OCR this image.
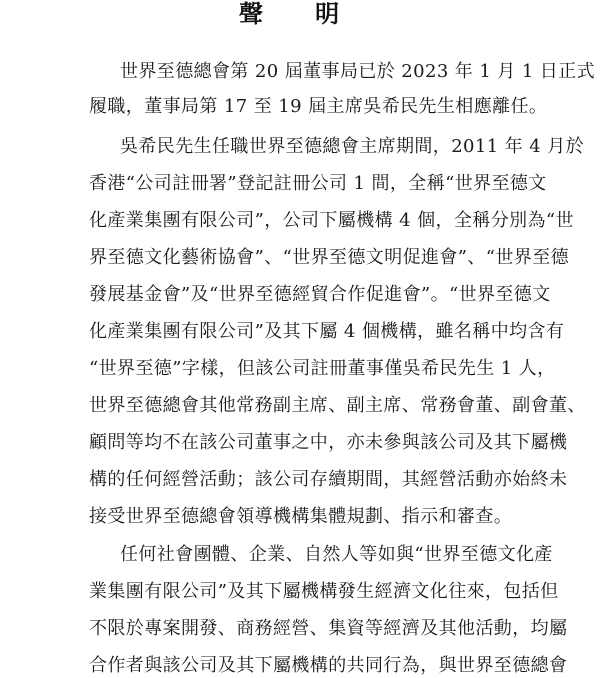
聲 明
世界至德總會第 20 屆董事局已於 2023 年 1 月 1 日正式
履職，董事局第 17 至 19 屆主席吳希民先生相應離任。
吳希民先生任職世界至德總會主席期間，2011 年 4 月於
香港“公司註冊署”登記註冊公司 1 間，全稱“世界至德文
化產業集團有限公司”，公司下屬機構 4 個，全稱分別為“世
界至德文化藝術協會”、“世界至德文明促進會”、“世界至德
發展基金會”及“世界至德經貿合作促進會”。“世界至德文
化產業集團有限公司”及其下屬 4 個機構，雖名稱中均含有
“世界至德”字樣，但該公司註冊董事僅吳希民先生 1 人，
世界至德總會其他常務副主席、副主席、常務會董、副會董、
顧問等均不在該公司董事之中，亦未參與該公司及其下屬機
構的任何經營活動；該公司存續期間，其經營活動亦始終未
接受世界至德總會領導機構集體規劃、指示和審查。
任何社會團體、企業、自然人等如與“世界至德文化產
業集團有限公司”及其下屬機構發生經濟文化往來，包括但
不限於專案開發、商務經營、集資等經濟及其他活動，均屬
合作者與該公司及其下屬機構的共同行為，與世界至德總會
